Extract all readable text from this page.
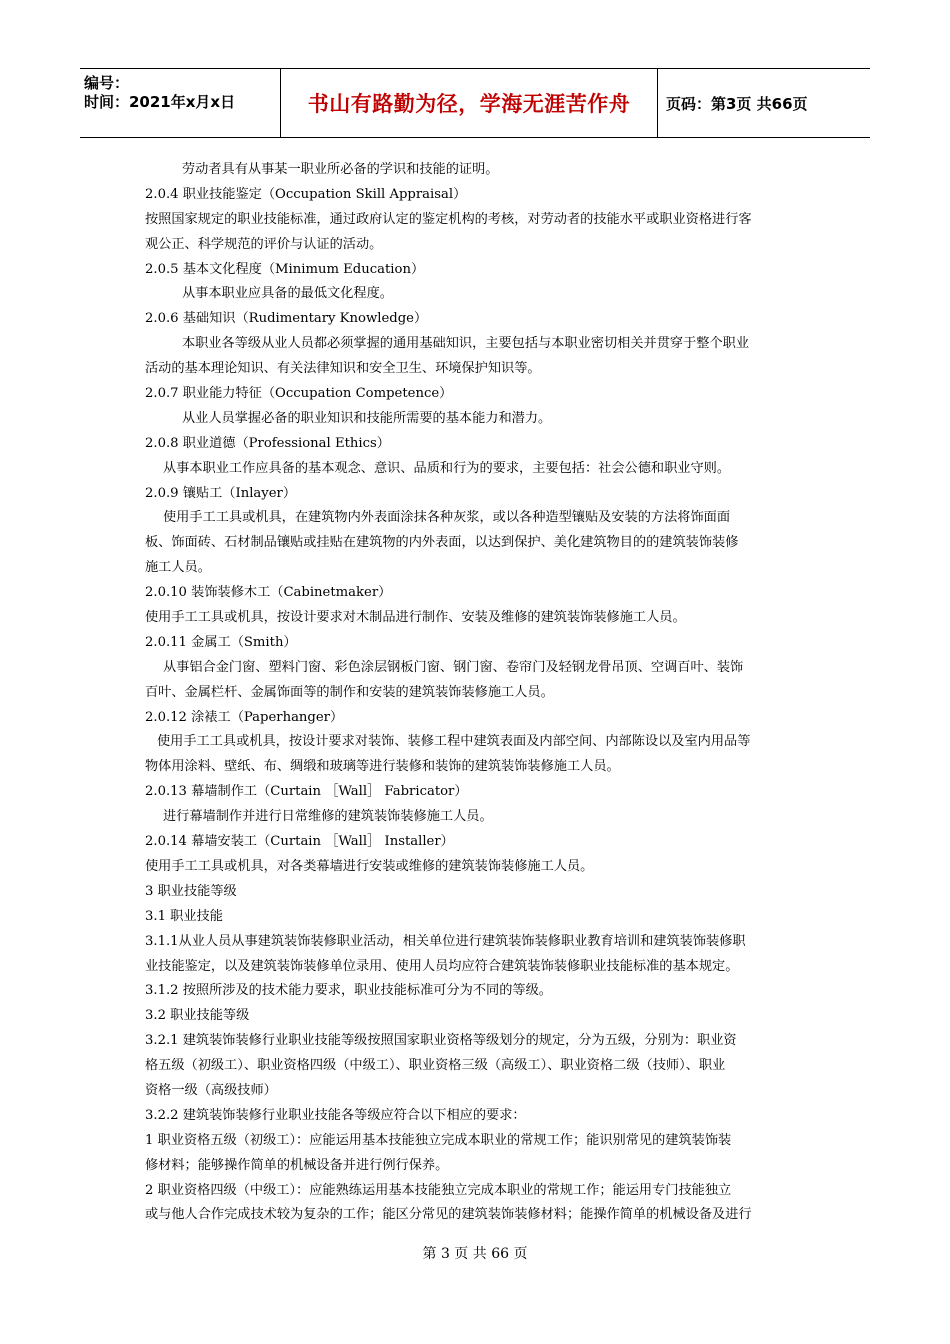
编号：
时间：2021年x月x日	书山有路勤为径，学海无涯苦作舟	页码：第3页 共66页
劳动者具有从事某一职业所必备的学识和技能的证明。
2.0.4 职业技能鉴定（Occupation Skill Appraisal）
按照国家规定的职业技能标准，通过政府认定的鉴定机构的考核，对劳动者的技能水平或职业资格进行客
观公正、科学规范的评价与认证的活动。
2.0.5 基本文化程度（Minimum Education）
从事本职业应具备的最低文化程度。
2.0.6 基础知识（Rudimentary Knowledge）
本职业各等级从业人员都必须掌握的通用基础知识，主要包括与本职业密切相关并贯穿于整个职业
活动的基本理论知识、有关法律知识和安全卫生、环境保护知识等。
2.0.7 职业能力特征（Occupation Competence）
从业人员掌握必备的职业知识和技能所需要的基本能力和潜力。
2.0.8 职业道德（Professional Ethics）
从事本职业工作应具备的基本观念、意识、品质和行为的要求，主要包括：社会公德和职业守则。
2.0.9 镶贴工（Inlayer）
使用手工工具或机具，在建筑物内外表面涂抹各种灰浆，或以各种造型镶贴及安装的方法将饰面面
板、饰面砖、石材制品镶贴或挂贴在建筑物的内外表面，以达到保护、美化建筑物目的的建筑装饰装修
施工人员。
2.0.10 装饰装修木工（Cabinetmaker）
使用手工工具或机具，按设计要求对木制品进行制作、安装及维修的建筑装饰装修施工人员。
2.0.11 金属工（Smith）
从事铝合金门窗、塑料门窗、彩色涂层钢板门窗、钢门窗、卷帘门及轻钢龙骨吊顶、空调百叶、装饰
百叶、金属栏杆、金属饰面等的制作和安装的建筑装饰装修施工人员。
2.0.12 涂裱工（Paperhanger）
使用手工工具或机具，按设计要求对装饰、装修工程中建筑表面及内部空间、内部陈设以及室内用品等
物体用涂料、壁纸、布、绸缎和玻璃等进行装修和装饰的建筑装饰装修施工人员。
2.0.13 幕墙制作工（Curtain ［Wall］ Fabricator）
进行幕墙制作并进行日常维修的建筑装饰装修施工人员。
2.0.14 幕墙安装工（Curtain ［Wall］ Installer）
使用手工工具或机具，对各类幕墙进行安装或维修的建筑装饰装修施工人员。
3 职业技能等级
3.1 职业技能
3.1.1从业人员从事建筑装饰装修职业活动，相关单位进行建筑装饰装修职业教育培训和建筑装饰装修职
业技能鉴定，以及建筑装饰装修单位录用、使用人员均应符合建筑装饰装修职业技能标准的基本规定。
3.1.2 按照所涉及的技术能力要求，职业技能标准可分为不同的等级。
3.2 职业技能等级
3.2.1 建筑装饰装修行业职业技能等级按照国家职业资格等级划分的规定，分为五级，分别为：职业资
格五级（初级工）、职业资格四级（中级工）、职业资格三级（高级工）、职业资格二级（技师）、职业
资格一级（高级技师）
3.2.2 建筑装饰装修行业职业技能各等级应符合以下相应的要求：
1 职业资格五级（初级工）：应能运用基本技能独立完成本职业的常规工作；能识别常见的建筑装饰装
修材料；能够操作简单的机械设备并进行例行保养。
2 职业资格四级（中级工）：应能熟练运用基本技能独立完成本职业的常规工作；能运用专门技能独立
或与他人合作完成技术较为复杂的工作；能区分常见的建筑装饰装修材料；能操作简单的机械设备及进行
第 3 页 共 66 页
